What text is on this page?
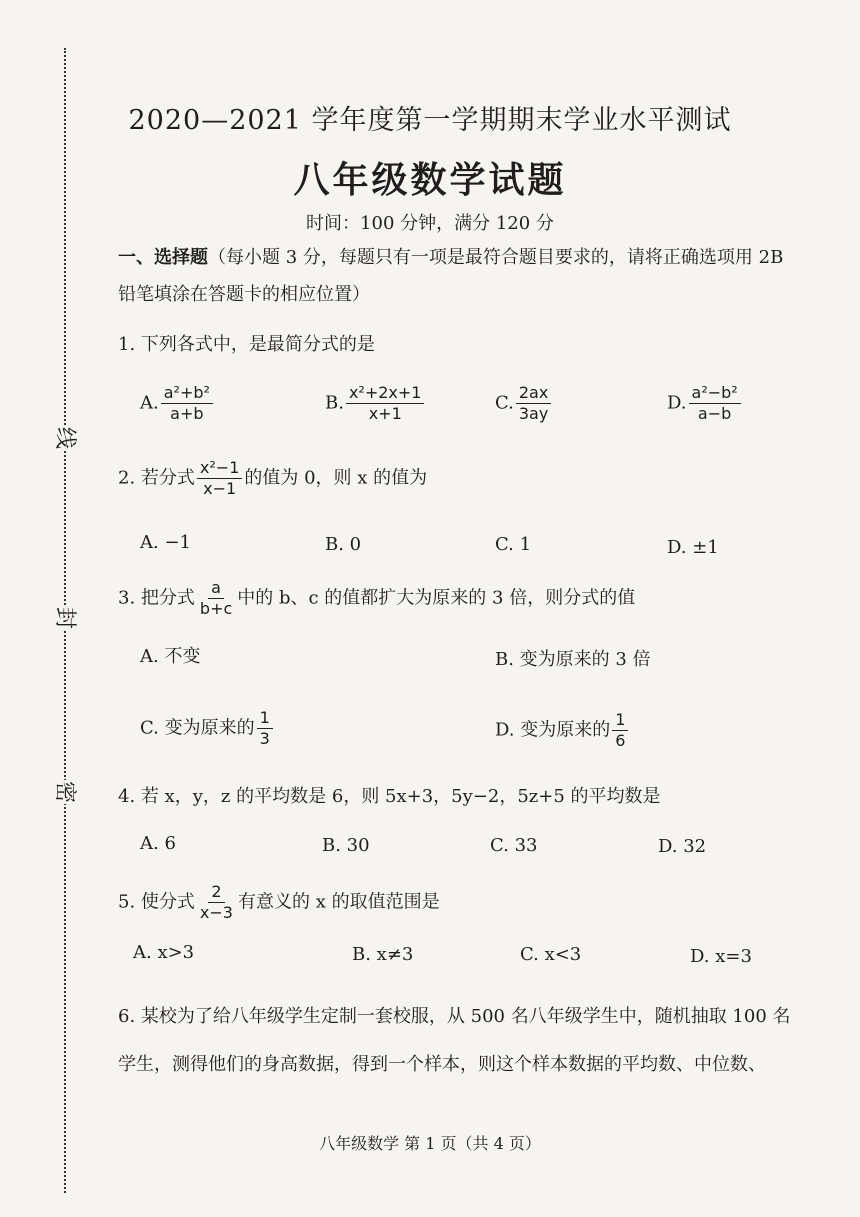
线
封
密
2020—2021 学年度第一学期期末学业水平测试
八年级数学试题
时间：100 分钟，满分 120 分
一、选择题（每小题 3 分，每题只有一项是最符合题目要求的，请将正确选项用 2B
铅笔填涂在答题卡的相应位置）
1. 下列各式中，是最简分式的是
A. $\frac{\text{a²+b²}}{a+b}$	B. $\frac{\text{x²+2x+1}}{x+1}$	C. $\frac{2ax}{3ay}$	D. $\frac{\text{a²−b²}}{a-b}$
2. 若分式 $\frac{\text{x²−1}}{x-1}$ 的值为 0，则 x 的值为
A. −1	B. 0	C. 1	D. ±1
3. 把分式 $\frac{a}{b+c}$ 中的 b、c 的值都扩大为原来的 3 倍，则分式的值
A. 不变	B. 变为原来的 3 倍
C. 变为原来的 $\frac{1}{3}$	D. 变为原来的 $\frac{1}{6}$
4. 若 x，y，z 的平均数是 6，则 5x+3，5y−2，5z+5 的平均数是
A. 6	B. 30	C. 33	D. 32
5. 使分式 $\frac{2}{x-3}$ 有意义的 x 的取值范围是
A. x>3	B. x≠3	C. x<3	D. x=3
6. 某校为了给八年级学生定制一套校服，从 500 名八年级学生中，随机抽取 100 名
学生，测得他们的身高数据，得到一个样本，则这个样本数据的平均数、中位数、
八年级数学 第 1 页（共 4 页）
